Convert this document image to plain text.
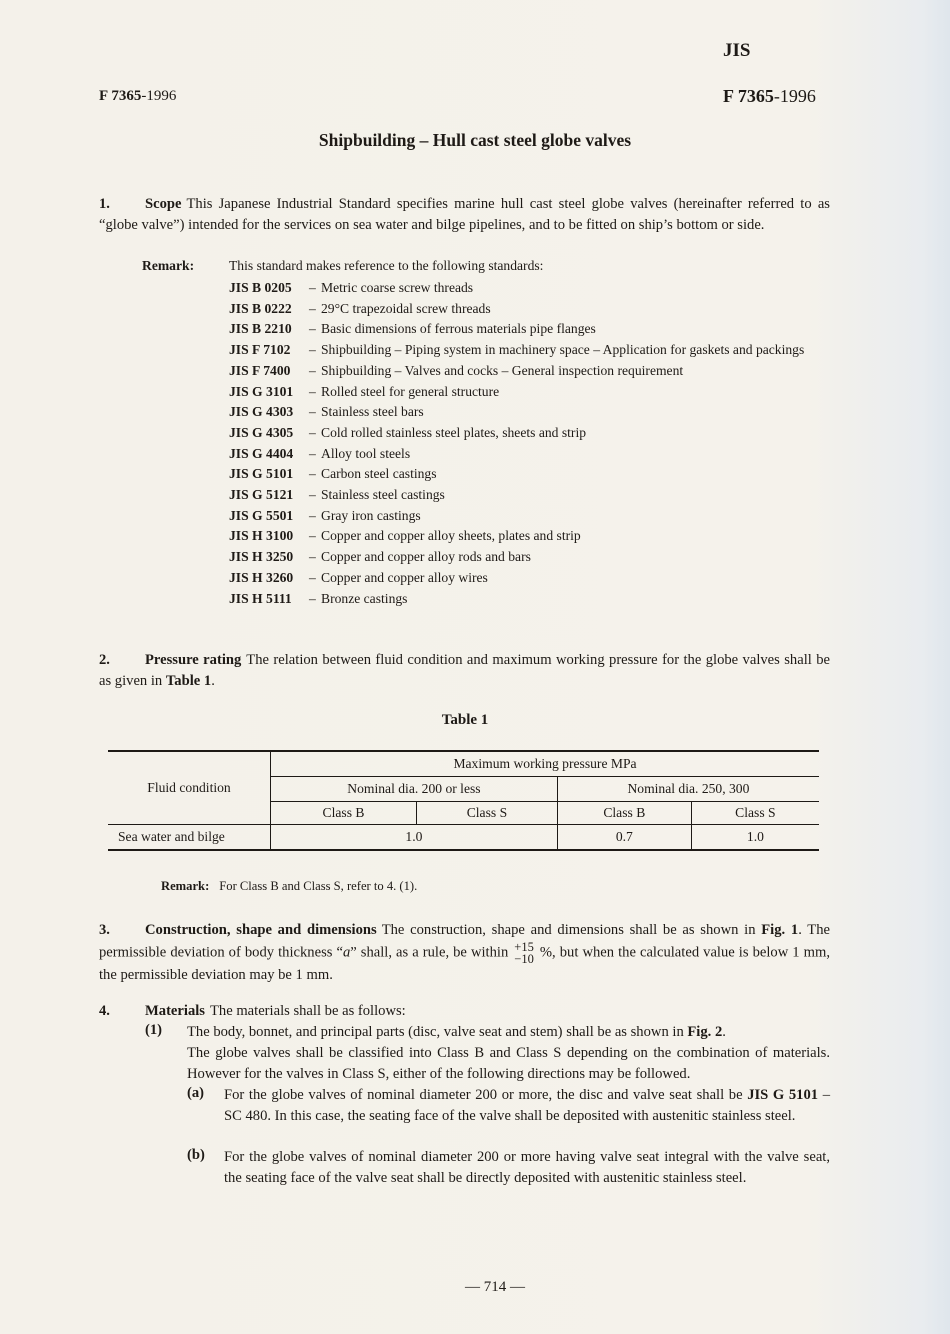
JIS
F 7365-1996	F 7365-1996
Shipbuilding – Hull cast steel globe valves
1. Scope This Japanese Industrial Standard specifies marine hull cast steel globe valves (hereinafter referred to as “globe valve”) intended for the services on sea water and bilge pipelines, and to be fitted on ship’s bottom or side.
Remark:	This standard makes reference to the following standards:
JIS B 0205	– Metric coarse screw threads
JIS B 0222	– 29°C trapezoidal screw threads
JIS B 2210	– Basic dimensions of ferrous materials pipe flanges
JIS F 7102	– Shipbuilding – Piping system in machinery space – Application for gaskets and packings
JIS F 7400	– Shipbuilding – Valves and cocks – General inspection requirement
JIS G 3101	– Rolled steel for general structure
JIS G 4303	– Stainless steel bars
JIS G 4305	– Cold rolled stainless steel plates, sheets and strip
JIS G 4404	– Alloy tool steels
JIS G 5101	– Carbon steel castings
JIS G 5121	– Stainless steel castings
JIS G 5501	– Gray iron castings
JIS H 3100	– Copper and copper alloy sheets, plates and strip
JIS H 3250	– Copper and copper alloy rods and bars
JIS H 3260	– Copper and copper alloy wires
JIS H 5111	– Bronze castings
2. Pressure rating The relation between fluid condition and maximum working pressure for the globe valves shall be as given in Table 1.
Table 1
Fluid condition	Maximum working pressure MPa			
	Nominal dia. 200 or less		Nominal dia. 250, 300	
	Class B	Class S	Class B	Class S
Sea water and bilge	1.0		0.7	1.0
Remark: For Class B and Class S, refer to 4. (1).
3. Construction, shape and dimensions The construction, shape and dimensions shall be as shown in Fig. 1. The permissible deviation of body thickness “a” shall, as a rule, be within +15
−10 %, but when the calculated value is below 1 mm, the permissible deviation may be 1 mm.
4. Materials The materials shall be as follows:
(1) The body, bonnet, and principal parts (disc, valve seat and stem) shall be as shown in Fig. 2.
The globe valves shall be classified into Class B and Class S depending on the combination of materials. However for the valves in Class S, either of the following directions may be followed.
(a) For the globe valves of nominal diameter 200 or more, the disc and valve seat shall be JIS G 5101 – SC 480. In this case, the seating face of the valve shall be deposited with austenitic stainless steel.
(b) For the globe valves of nominal diameter 200 or more having valve seat integral with the valve seat, the seating face of the valve seat shall be directly deposited with austenitic stainless steel.
— 714 —
